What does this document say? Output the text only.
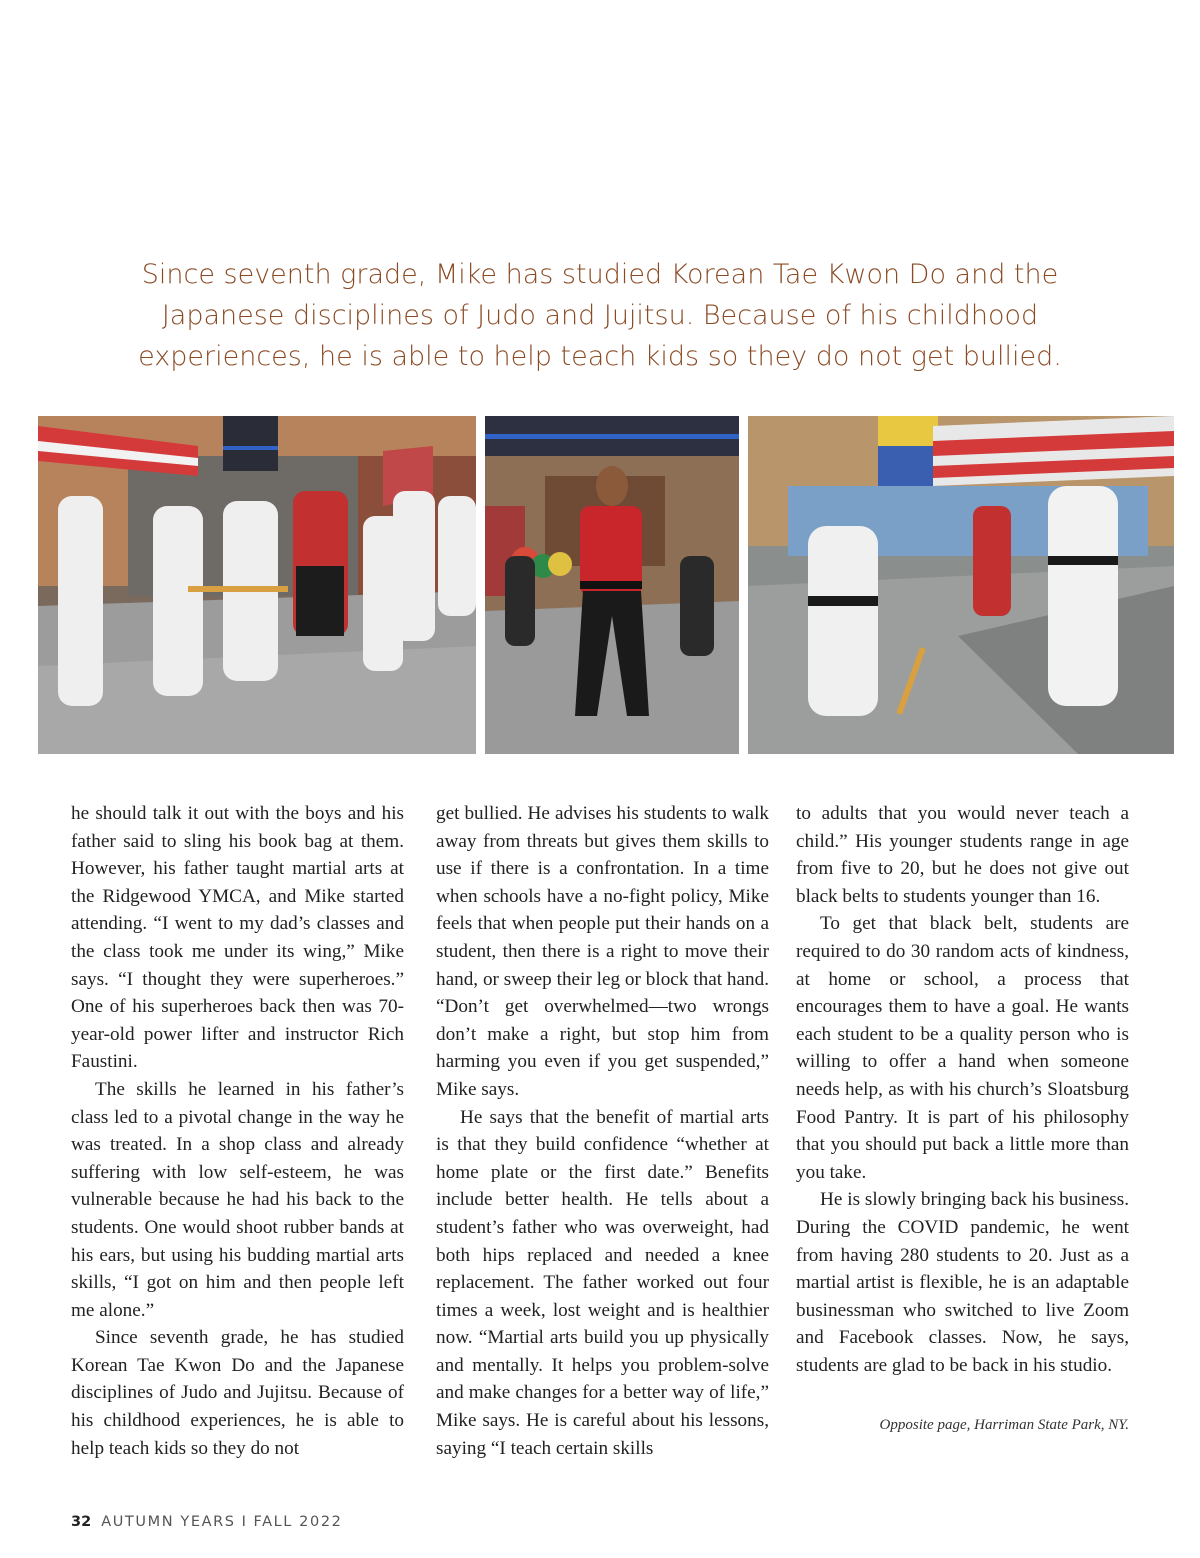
Since seventh grade, Mike has studied Korean Tae Kwon Do and the
Japanese disciplines of Judo and Jujitsu. Because of his childhood
experiences, he is able to help teach kids so they do not get bullied.

he should talk it out with the boys and his father said to sling his book bag at them. However, his father taught martial arts at the Ridgewood YMCA, and Mike started attending. “I went to my dad’s classes and the class took me under its wing,” Mike says. “I thought they were superheroes.” One of his superheroes back then was 70-year-old power lifter and instructor Rich Faustini.

The skills he learned in his father’s class led to a pivotal change in the way he was treated. In a shop class and already suffering with low self-esteem, he was vulnerable because he had his back to the students. One would shoot rubber bands at his ears, but using his budding martial arts skills, “I got on him and then people left me alone.”

Since seventh grade, he has studied Korean Tae Kwon Do and the Japanese disciplines of Judo and Jujitsu. Because of his childhood experiences, he is able to help teach kids so they do not

get bullied. He advises his students to walk away from threats but gives them skills to use if there is a confrontation. In a time when schools have a no-fight policy, Mike feels that when people put their hands on a student, then there is a right to move their hand, or sweep their leg or block that hand. “Don’t get overwhelmed—two wrongs don’t make a right, but stop him from harming you even if you get suspended,” Mike says.

He says that the benefit of martial arts is that they build confidence “whether at home plate or the first date.” Benefits include better health. He tells about a student’s father who was overweight, had both hips replaced and needed a knee replacement. The father worked out four times a week, lost weight and is healthier now. “Martial arts build you up physically and mentally. It helps you problem-solve and make changes for a better way of life,” Mike says. He is careful about his lessons, saying “I teach certain skills

to adults that you would never teach a child.” His younger students range in age from five to 20, but he does not give out black belts to students younger than 16.

To get that black belt, students are required to do 30 random acts of kindness, at home or school, a process that encourages them to have a goal. He wants each student to be a quality person who is willing to offer a hand when someone needs help, as with his church’s Sloatsburg Food Pantry. It is part of his philosophy that you should put back a little more than you take.

He is slowly bringing back his business. During the COVID pandemic, he went from having 280 students to 20. Just as a martial artist is flexible, he is an adaptable businessman who switched to live Zoom and Facebook classes. Now, he says, students are glad to be back in his studio.

Opposite page, Harriman State Park, NY.
32 AUTUMN YEARS I FALL 2022
